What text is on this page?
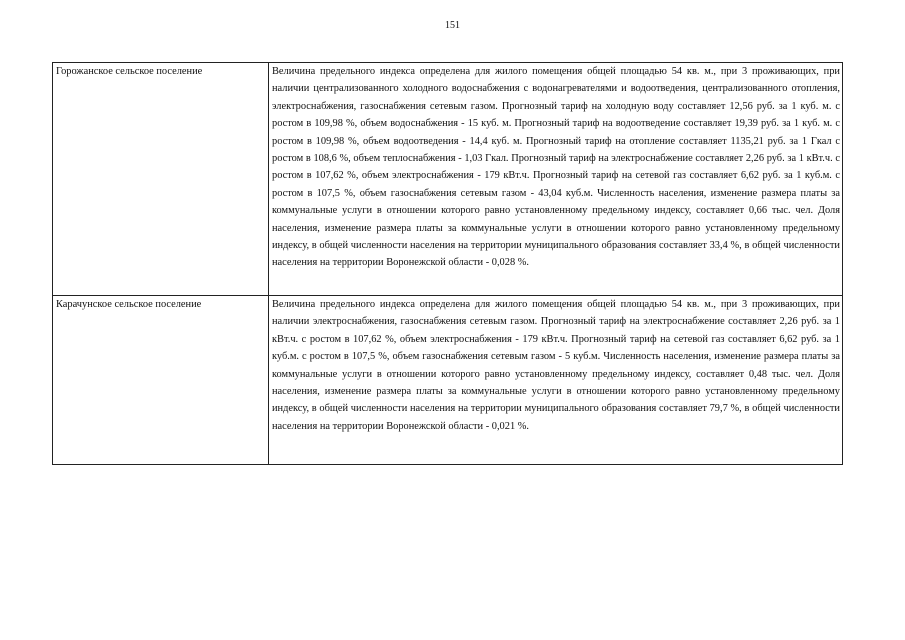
151
Горожанское сельское поселение	Величина предельного индекса определена для жилого помещения общей площадью 54 кв. м., при 3 проживающих, при наличии централизованного холодного водоснабжения с водонагревателями и водоотведения, централизованного отопления, электроснабжения, газоснабжения сетевым газом. Прогнозный тариф на холодную воду составляет 12,56 руб. за 1 куб. м. с ростом в 109,98 %, объем водоснабжения - 15 куб. м. Прогнозный тариф на водоотведение составляет 19,39 руб. за 1 куб. м. с ростом в 109,98 %, объем водоотведения - 14,4 куб. м. Прогнозный тариф на отопление составляет 1135,21 руб. за 1 Гкал с ростом в 108,6 %, объем теплоснабжения - 1,03 Гкал. Прогнозный тариф на электроснабжение составляет 2,26 руб. за 1 кВт.ч. с ростом в 107,62 %, объем электроснабжения - 179 кВт.ч. Прогнозный тариф на сетевой газ составляет 6,62 руб. за 1 куб.м. с ростом в 107,5 %, объем газоснабжения сетевым газом - 43,04 куб.м. Численность населения, изменение размера платы за коммунальные услуги в отношении которого равно установленному предельному индексу, составляет 0,66 тыс. чел. Доля населения, изменение размера платы за коммунальные услуги в отношении которого равно установленному предельному индексу, в общей численности населения на территории муниципального образования составляет 33,4 %, в общей численности населения на территории Воронежской области - 0,028 %.
Карачунское сельское поселение	Величина предельного индекса определена для жилого помещения общей площадью 54 кв. м., при 3 проживающих, при наличии электроснабжения, газоснабжения сетевым газом. Прогнозный тариф на электроснабжение составляет 2,26 руб. за 1 кВт.ч. с ростом в 107,62 %, объем электроснабжения - 179 кВт.ч. Прогнозный тариф на сетевой газ составляет 6,62 руб. за 1 куб.м. с ростом в 107,5 %, объем газоснабжения сетевым газом - 5 куб.м. Численность населения, изменение размера платы за коммунальные услуги в отношении которого равно установленному предельному индексу, составляет 0,48 тыс. чел. Доля населения, изменение размера платы за коммунальные услуги в отношении которого равно установленному предельному индексу, в общей численности населения на территории муниципального образования составляет 79,7 %, в общей численности населения на территории Воронежской области - 0,021 %.
